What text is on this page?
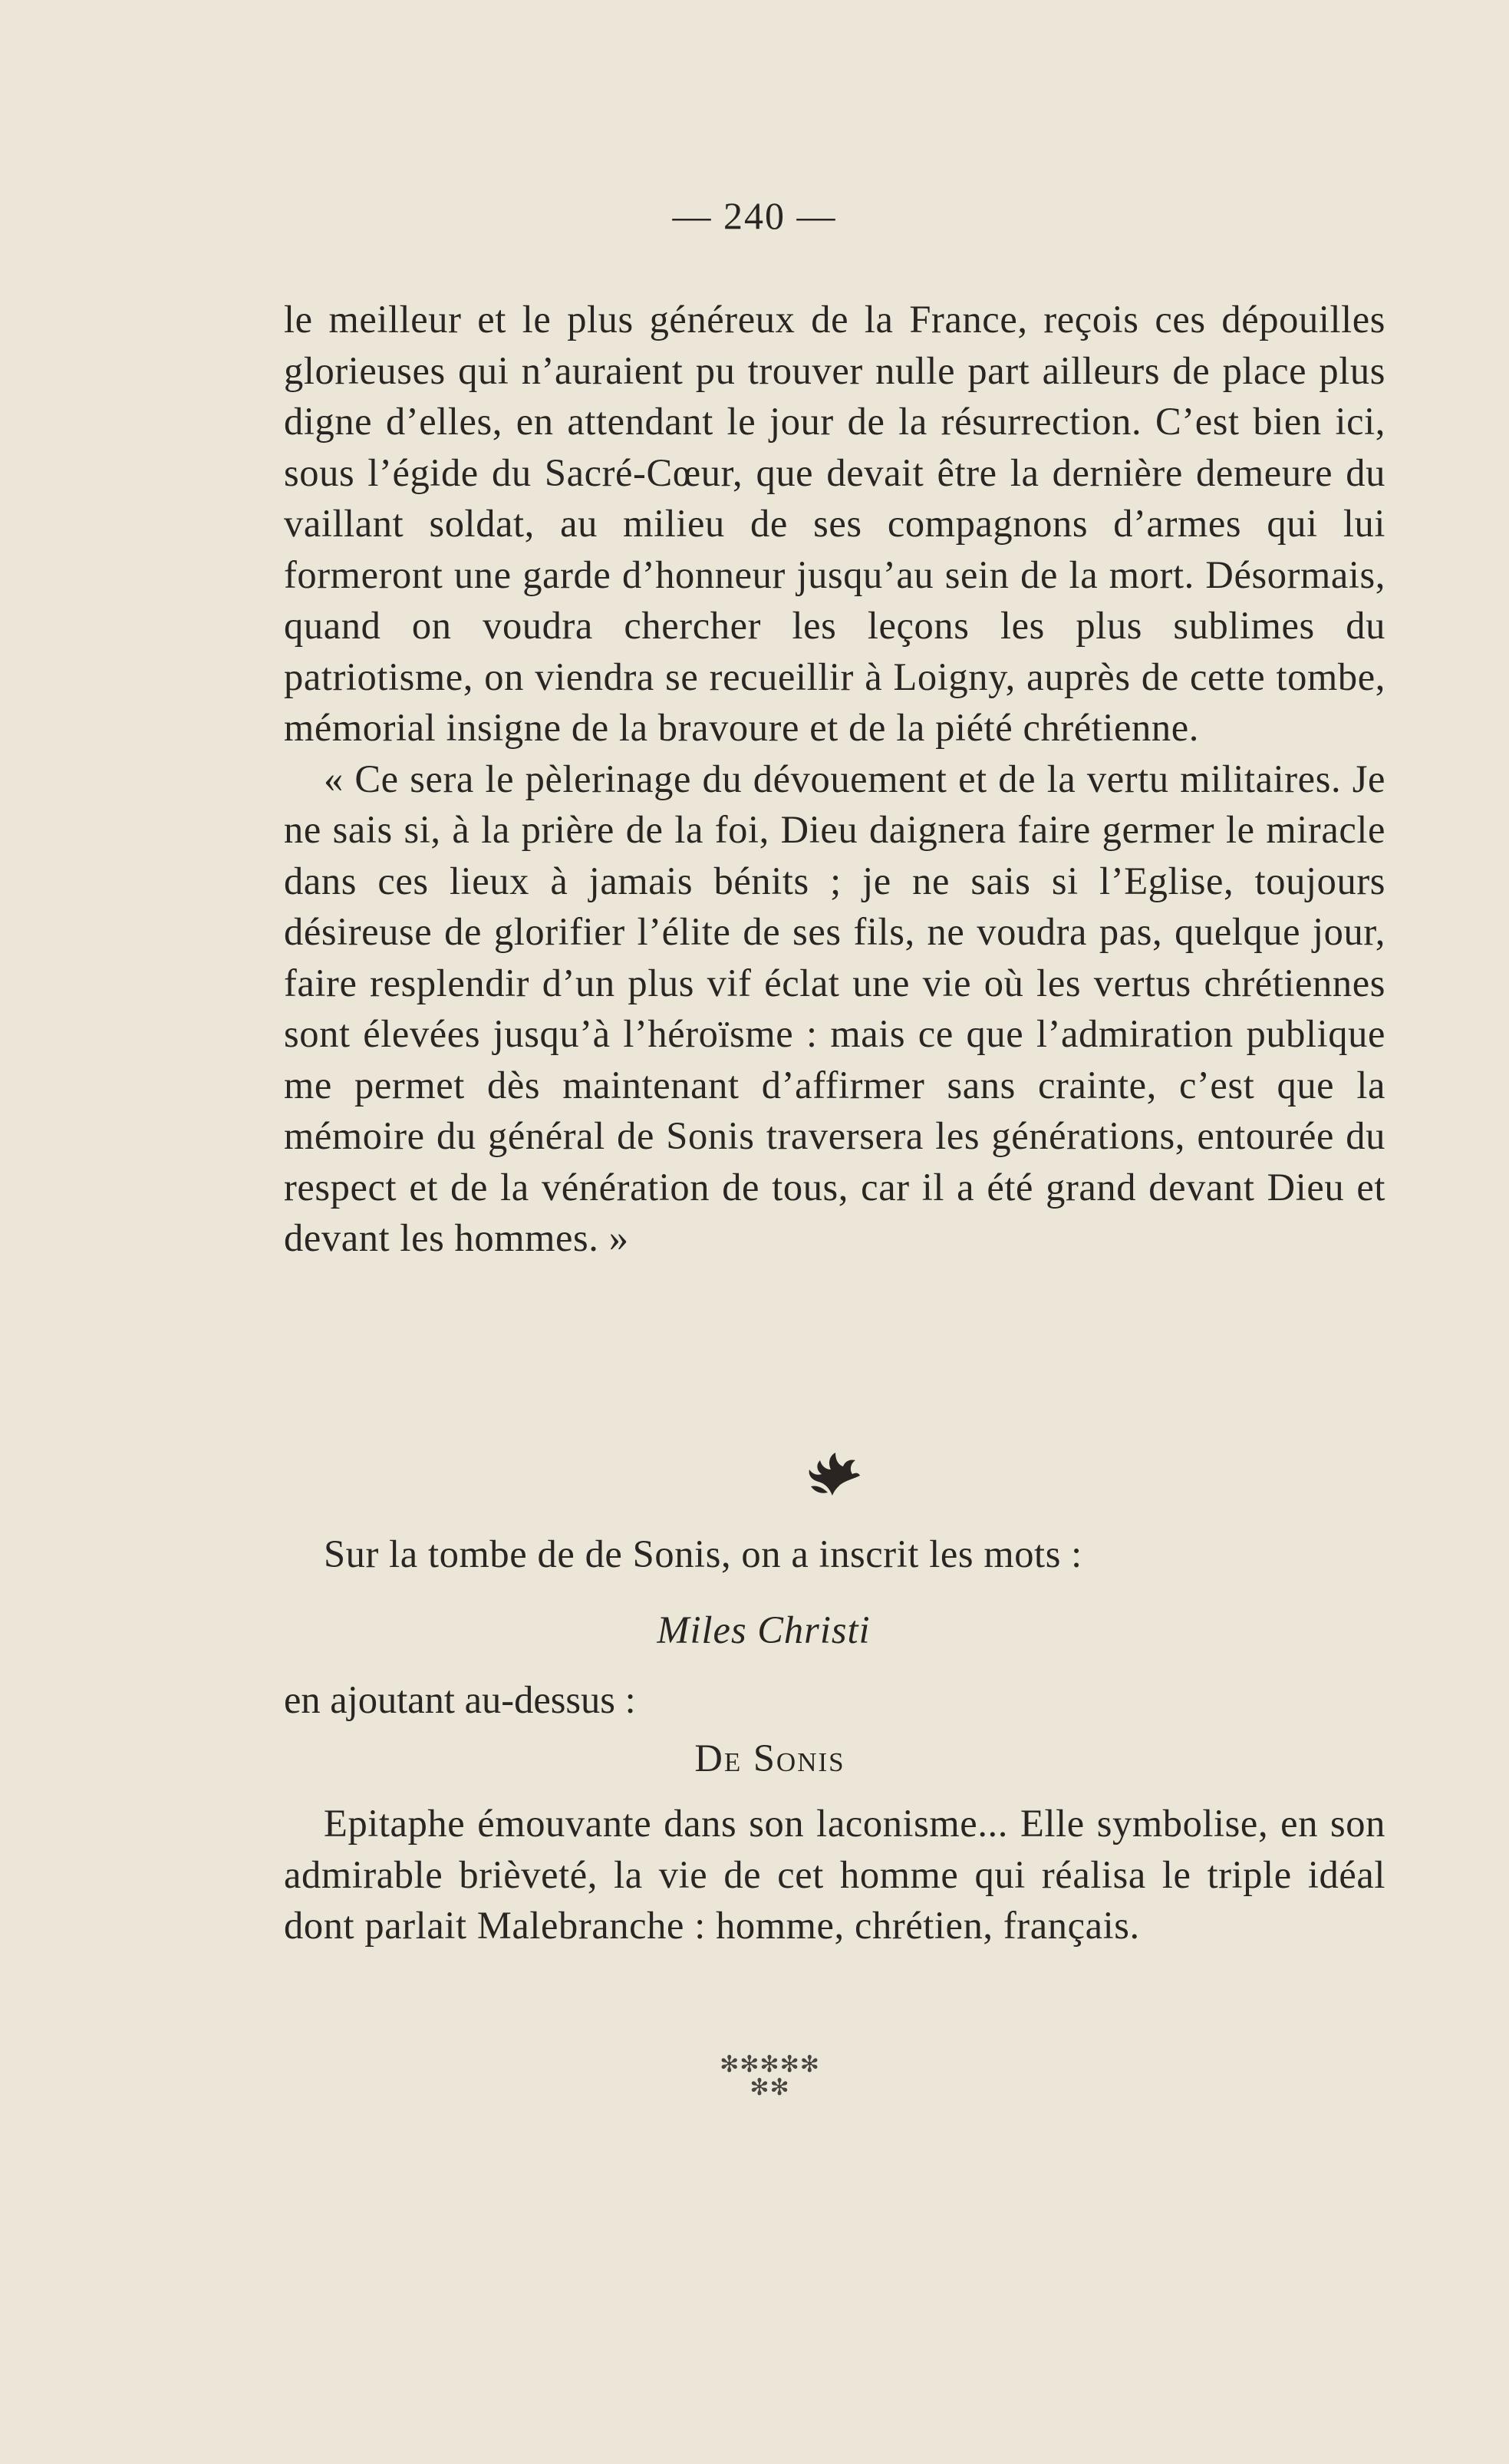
— 240 —

le meilleur et le plus généreux de la France, reçois ces dépouilles glorieuses qui n’auraient pu trouver nulle part ailleurs de place plus digne d’elles, en attendant le jour de la résurrection. C’est bien ici, sous l’égide du Sacré-Cœur, que devait être la dernière demeure du vaillant soldat, au milieu de ses compagnons d’armes qui lui formeront une garde d’honneur jusqu’au sein de la mort. Désormais, quand on voudra chercher les leçons les plus sublimes du patriotisme, on viendra se recueillir à Loigny, auprès de cette tombe, mémorial insigne de la bravoure et de la piété chrétienne.

« Ce sera le pèlerinage du dévouement et de la vertu militaires. Je ne sais si, à la prière de la foi, Dieu daignera faire germer le miracle dans ces lieux à jamais bénits ; je ne sais si l’Eglise, toujours désireuse de glorifier l’élite de ses fils, ne voudra pas, quelque jour, faire resplendir d’un plus vif éclat une vie où les vertus chrétiennes sont élevées jusqu’à l’héroïsme : mais ce que l’admiration publique me permet dès maintenant d’affirmer sans crainte, c’est que la mémoire du général de Sonis traversera les générations, entourée du respect et de la vénération de tous, car il a été grand devant Dieu et devant les hommes. »

Sur la tombe de de Sonis, on a inscrit les mots :

Miles Christi
en ajoutant au-dessus :
De Sonis

Epitaphe émouvante dans son laconisme... Elle symbolise, en son admirable brièveté, la vie de cet homme qui réalisa le triple idéal dont parlait Malebranche : homme, chrétien, français.

✻✻✻✻✻
✻✻
